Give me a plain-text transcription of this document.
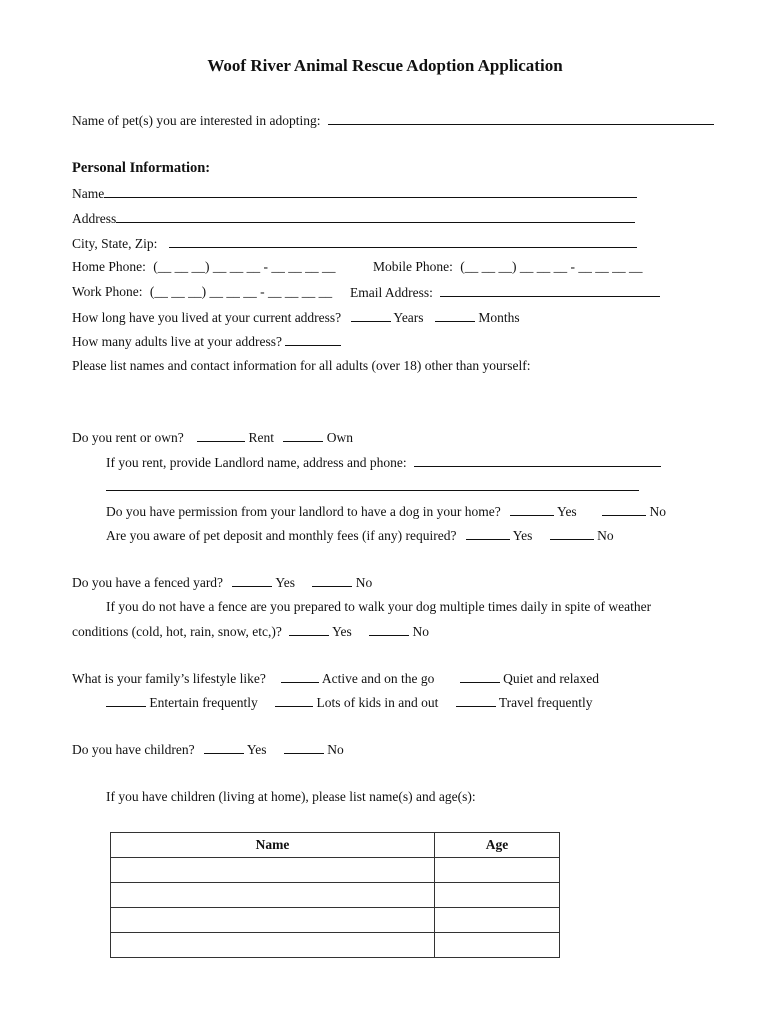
Woof River Animal Rescue Adoption Application
Name of pet(s) you are interested in adopting:
Personal Information:
Name
Address
City, State, Zip:
Home Phone: (__ __ __) __ __ __ - __ __ __ __	Mobile Phone: (__ __ __) __ __ __ - __ __ __ __
Work Phone: (__ __ __) __ __ __ - __ __ __ __ Email Address:
How long have you lived at your current address?	Years	Months
How many adults live at your address?
Please list names and contact information for all adults (over 18) other than yourself:
Do you rent or own?	Rent	Own
If you rent, provide Landlord name, address and phone:
Do you have permission from your landlord to have a dog in your home?	Yes	No
Are you aware of pet deposit and monthly fees (if any) required?	Yes	No
Do you have a fenced yard?	Yes	No
If you do not have a fence are you prepared to walk your dog multiple times daily in spite of weather
conditions (cold, hot, rain, snow, etc,)?	Yes	No
What is your family’s lifestyle like?	Active and on the go	Quiet and relaxed
Entertain frequently	Lots of kids in and out	Travel frequently
Do you have children?	Yes	No
If you have children (living at home), please list name(s) and age(s):
Name	Age
